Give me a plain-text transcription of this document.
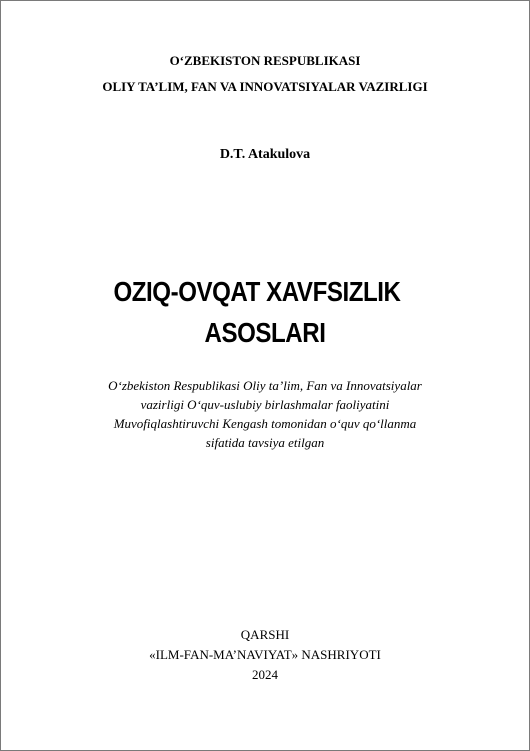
O‘ZBEKISTON RESPUBLIKASI
OLIY TA’LIM, FAN VA INNOVATSIYALAR VAZIRLIGI
D.T. Atakulova
OZIQ-OVQAT XAVFSIZLIK
ASOSLARI
O‘zbekiston Respublikasi Oliy ta’lim, Fan va Innovatsiyalar
vazirligi O‘quv-uslubiy birlashmalar faoliyatini
Muvofiqlashtiruvchi Kengash tomonidan o‘quv qo‘llanma
sifatida tavsiya etilgan
QARSHI
«ILM-FAN-MA’NAVIYAT» NASHRIYOTI
2024
